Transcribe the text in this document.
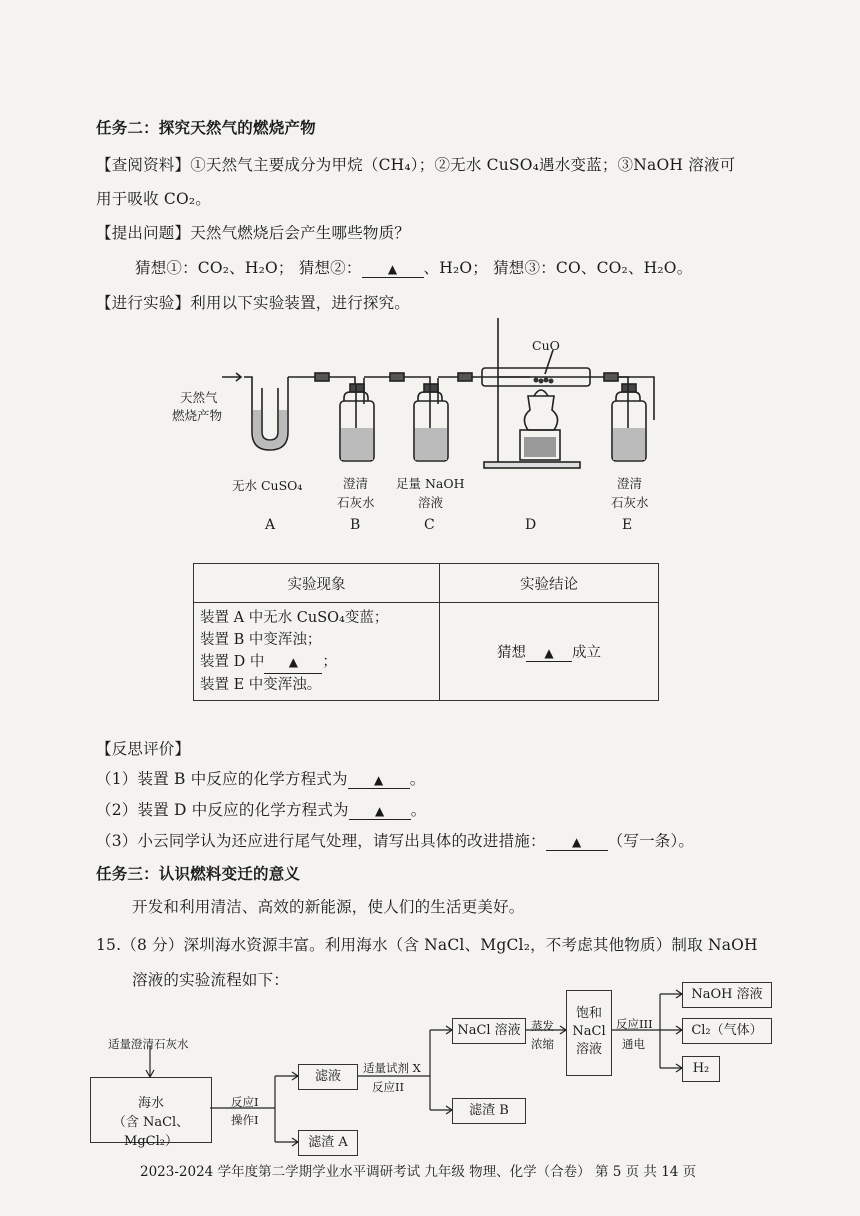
任务二：探究天然气的燃烧产物
【查阅资料】①天然气主要成分为甲烷（CH₄）；②无水 CuSO₄遇水变蓝；③NaOH 溶液可
用于吸收 CO₂。
【提出问题】天然气燃烧后会产生哪些物质？
猜想①：CO₂、H₂O； 猜想②： ▲ 、H₂O； 猜想③：CO、CO₂、H₂O。
【进行实验】利用以下实验装置，进行探究。
CuO
天然气
燃烧产物
无水 CuSO₄	澄清
石灰水
足量 NaOH
溶液
澄清
石灰水
A	B	C	D	E
实验现象	实验结论

装置 A 中无水 CuSO₄变蓝；
装置 B 中变浑浊；
装置 D 中 ▲ ；
装置 E 中变浑浊。	猜想 ▲ 成立
【反思评价】
（1）装置 B 中反应的化学方程式为 ▲ 。
（2）装置 D 中反应的化学方程式为 ▲ 。
（3）小云同学认为还应进行尾气处理，请写出具体的改进措施： ▲ （写一条）。
任务三：认识燃料变迁的意义
开发和利用清洁、高效的新能源，使人们的生活更美好。
15.（8 分）深圳海水资源丰富。利用海水（含 NaCl、MgCl₂，不考虑其他物质）制取 NaOH
溶液的实验流程如下：
适量澄清石灰水
海水
（含 NaCl、MgCl₂）
反应I
操作I
滤液
滤渣 A
适量试剂 X
反应II
NaCl 溶液
滤渣 B
蒸发
浓缩
饱和
NaCl
溶液
反应III
通电
NaOH 溶液
Cl₂（气体）
H₂
2023-2024 学年度第二学期学业水平调研考试 九年级 物理、化学（合卷） 第 5 页 共 14 页
